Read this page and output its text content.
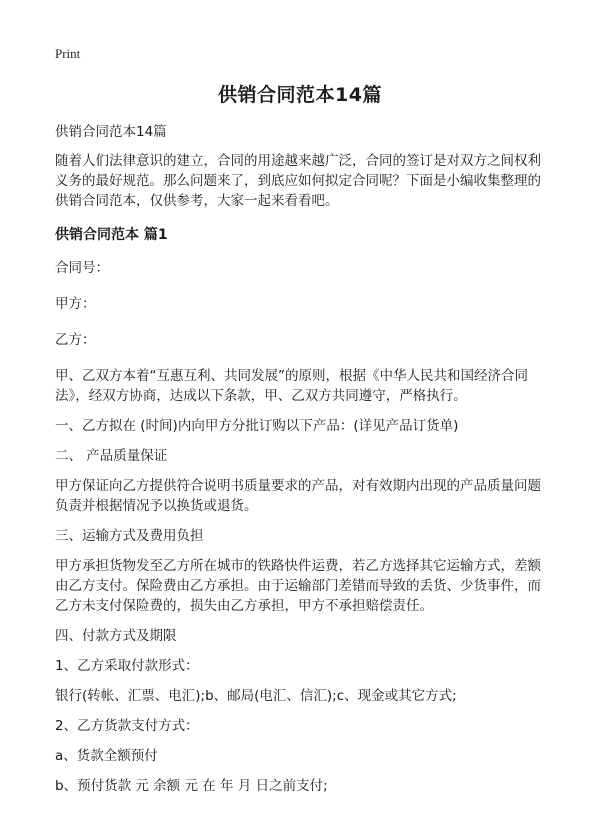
Print
供销合同范本14篇

供销合同范本14篇

随着人们法律意识的建立，合同的用途越来越广泛，合同的签订是对双方之间权利义务的最好规范。那么问题来了，到底应如何拟定合同呢？下面是小编收集整理的供销合同范本，仅供参考，大家一起来看看吧。

供销合同范本 篇1

合同号：

甲方：

乙方：

甲、乙双方本着“互惠互利、共同发展”的原则，根据《中华人民共和国经济合同法》，经双方协商，达成以下条款，甲、乙双方共同遵守，严格执行。

一、乙方拟在 (时间)内向甲方分批订购以下产品：(详见产品订货单)

二、 产品质量保证

甲方保证向乙方提供符合说明书质量要求的产品，对有效期内出现的产品质量问题负责并根据情况予以换货或退货。

三、运输方式及费用负担

甲方承担货物发至乙方所在城市的铁路快件运费，若乙方选择其它运输方式，差额由乙方支付。保险费由乙方承担。由于运输部门差错而导致的丢货、少货事件，而乙方未支付保险费的，损失由乙方承担，甲方不承担赔偿责任。

四、付款方式及期限

1、乙方采取付款形式：

银行(转帐、汇票、电汇);b、邮局(电汇、信汇);c、现金或其它方式;

2、乙方货款支付方式：

a、货款全额预付

b、预付货款 元 余额 元 在 年 月 日之前支付;
